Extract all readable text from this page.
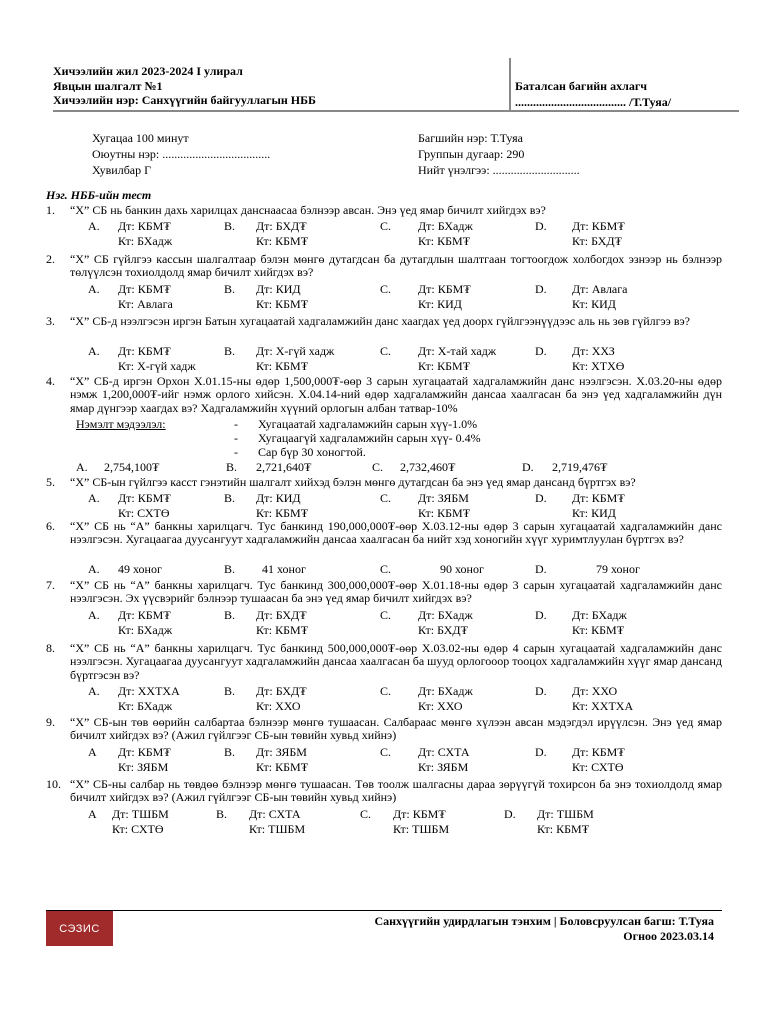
Хичээлийн жил 2023-2024 I улирал
Явцын шалгалт №1
Хичээлийн нэр: Санхүүгийн байгууллагын НББ
Баталсан багийн ахлагч
..................................... /Т.Туяа/
Хугацаа 100 минут
Оюутны нэр: ....................................
Хувилбар Г
Багшийн нэр: Т.Туяа
Группын дугаар: 290
Нийт үнэлгээ: .............................
Нэг. НББ-ийн тест
1. “Х” СБ нь банкин дахь харилцах данснаасаа бэлнээр авсан. Энэ үед ямар бичилт хийгдэх вэ?
A. Дт: КБМ₮
Кт: БХадж
B. Дт: БХД₮
Кт: КБМ₮
C. Дт: БХадж
Кт: КБМ₮
D. Дт: КБМ₮
Кт: БХД₮
2. “Х” СБ гүйлгээ кассын шалгалтаар бэлэн мөнгө дутагдсан ба дутагдлын шалтгаан тогтоогдож холбогдох эзнээр нь бэлнээр төлүүлсэн тохиолдолд ямар бичилт хийгдэх вэ?
A. Дт: КБМ₮
Кт: Авлага
B. Дт: КИД
Кт: КБМ₮
C. Дт: КБМ₮
Кт: КИД
D. Дт: Авлага
Кт: КИД
3. “Х” СБ-д нээлгэсэн иргэн Батын хугацаатай хадгаламжийн данс хаагдах үед доорх гүйлгээнүүдээс аль нь зөв гүйлгээ вэ?
A. Дт: КБМ₮
Кт: Х-гүй хадж
B. Дт: Х-гүй хадж
Кт: КБМ₮
C. Дт: Х-тай хадж
Кт: КБМ₮
D. Дт: ХХЗ
Кт: ХТХӨ
4. “Х” СБ-д иргэн Орхон Х.01.15-ны өдөр 1,500,000₮-өөр 3 сарын хугацаатай хадгаламжийн данс нээлгэсэн. Х.03.20-ны өдөр нэмж 1,200,000₮-ийг нэмж орлого хийсэн. Х.04.14-ний өдөр хадгаламжийн дансаа хаалгасан ба энэ үед хадгаламжийн дүн ямар дүнгээр хаагдах вэ? Хадгаламжийн хүүний орлогын албан татвар-10%
Нэмэлт мэдээлэл:	- Хугацаатай хадгаламжийн сарын хүү-1.0%
- Хугацаагүй хадгаламжийн сарын хүү- 0.4%
- Сар бүр 30 хоногтой.
A. 2,754,100₮	B. 2,721,640₮	C. 2,732,460₮	D. 2,719,476₮
5. “Х” СБ-ын гүйлгээ касст гэнэтийн шалгалт хийхэд бэлэн мөнгө дутагдсан ба энэ үед ямар дансанд бүртгэх вэ?
A. Дт: КБМ₮
Кт: СХТӨ
B. Дт: КИД
Кт: КБМ₮
C. Дт: ЗЯБМ
Кт: КБМ₮
D. Дт: КБМ₮
Кт: КИД
6. “Х” СБ нь “А” банкны харилцагч. Тус банкинд 190,000,000₮-өөр Х.03.12-ны өдөр 3 сарын хугацаатай хадгаламжийн данс нээлгэсэн. Хугацаагаа дуусангуут хадгаламжийн дансаа хаалгасан ба нийт хэд хоногийн хүүг хуримтлуулан бүртгэх вэ?
A. 49 хоног	B. 41 хоног	C.	90 хоног	D.	79 хоног
7. “Х” СБ нь “А” банкны харилцагч. Тус банкинд 300,000,000₮-өөр Х.01.18-ны өдөр 3 сарын хугацаатай хадгаламжийн данс нээлгэсэн. Эх үүсвэрийг бэлнээр тушаасан ба энэ үед ямар бичилт хийгдэх вэ?
A. Дт: КБМ₮
Кт: БХадж
B. Дт: БХД₮
Кт: КБМ₮
C. Дт: БХадж
Кт: БХД₮
D. Дт: БХадж
Кт: КБМ₮
8. “Х” СБ нь “А” банкны харилцагч. Тус банкинд 500,000,000₮-өөр Х.03.02-ны өдөр 4 сарын хугацаатай хадгаламжийн данс нээлгэсэн. Хугацаагаа дуусангуут хадгаламжийн дансаа хаалгасан ба шууд орлогооор тооцох хадгаламжийн хүүг ямар дансанд бүртгэсэн вэ?
A. Дт: ХХТХА
Кт: БХадж
B. Дт: БХД₮
Кт: ХХО
C. Дт: БХадж
Кт: ХХО
D. Дт: ХХО
Кт: ХХТХА
9. “Х” СБ-ын төв өөрийн салбартаа бэлнээр мөнгө тушаасан. Салбараас мөнгө хүлээн авсан мэдэгдэл ирүүлсэн. Энэ үед ямар бичилт хийгдэх вэ? (Ажил гүйлгээг СБ-ын төвийн хувьд хийнэ)
A Дт: КБМ₮
Кт: ЗЯБМ
B. Дт: ЗЯБМ
Кт: КБМ₮
C. Дт: СХТА
Кт: ЗЯБМ
D. Дт: КБМ₮
Кт: СХТӨ
10. “Х” СБ-ны салбар нь төвдөө бэлнээр мөнгө тушаасан. Төв тоолж шалгасны дараа зөрүүгүй тохирсон ба энэ тохиолдолд ямар бичилт хийгдэх вэ? (Ажил гүйлгээг СБ-ын төвийн хувьд хийнэ)
A Дт: ТШБМ
Кт: СХТӨ
B. Дт: СХТА
Кт: ТШБМ
C. Дт: КБМ₮
Кт: ТШБМ
D. Дт: ТШБМ
Кт: КБМ₮
СЭЗИС
Санхүүгийн удирдлагын тэнхим | Боловсруулсан багш: Т.Туяа
Огноо 2023.03.14
